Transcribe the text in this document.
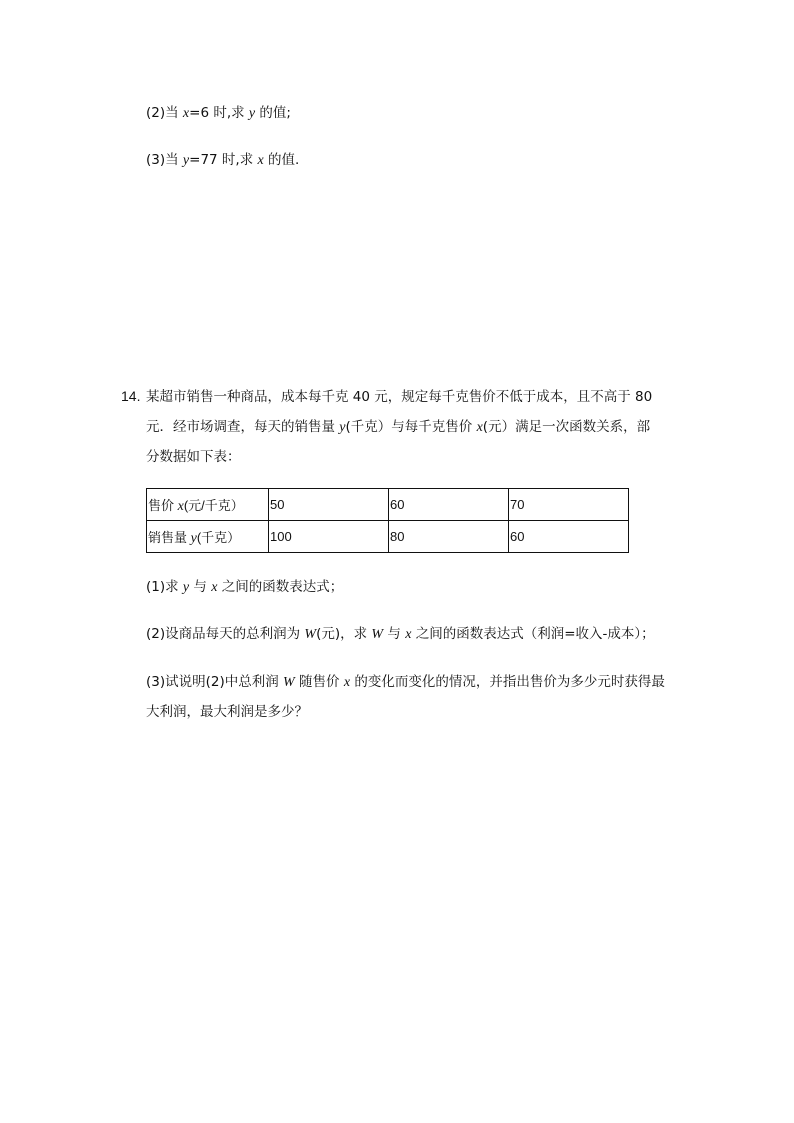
(2)当 x=6 时,求 y 的值;
(3)当 y=77 时,求 x 的值.
14. 某超市销售一种商品，成本每千克 40 元，规定每千克售价不低于成本，且不高于 80
元．经市场调查，每天的销售量 y(千克）与每千克售价 x(元）满足一次函数关系，部
分数据如下表：
售价 x(元/千克）	50	60	70
销售量 y(千克）	100	80	60
(1)求 y 与 x 之间的函数表达式；
(2)设商品每天的总利润为 W(元)，求 W 与 x 之间的函数表达式（利润=收入-成本）；
(3)试说明(2)中总利润 W 随售价 x 的变化而变化的情况，并指出售价为多少元时获得最
大利润，最大利润是多少？
